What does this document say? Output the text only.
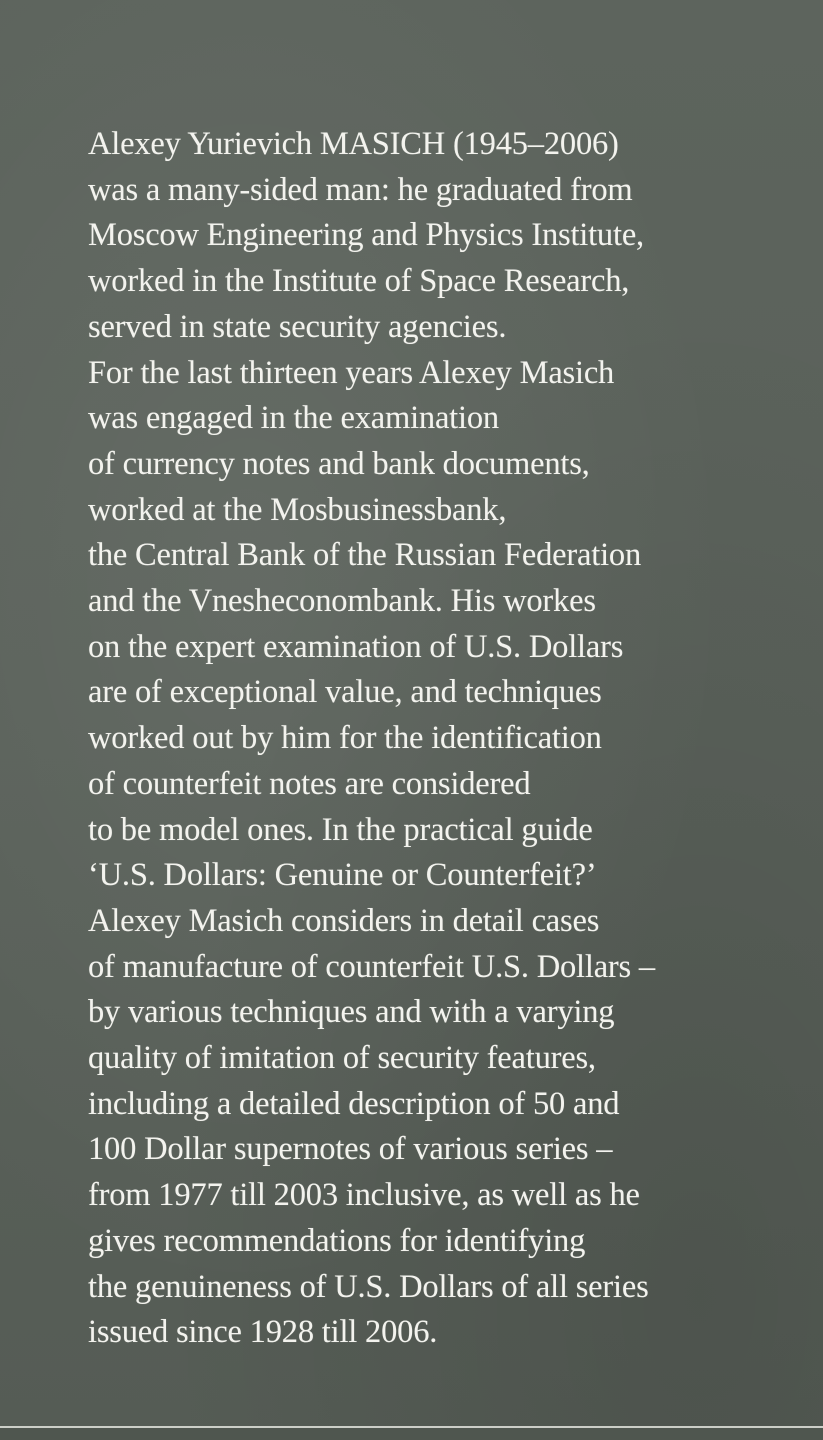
Alexey Yurievich MASICH (1945–2006)
was a many-sided man: he graduated from
Moscow Engineering and Physics Institute,
worked in the Institute of Space Research,
served in state security agencies.
For the last thirteen years Alexey Masich
was engaged in the examination
of currency notes and bank documents,
worked at the Mosbusinessbank,
the Central Bank of the Russian Federation
and the Vnesheconombank. His workes
on the expert examination of U.S. Dollars
are of exceptional value, and techniques
worked out by him for the identification
of counterfeit notes are considered
to be model ones. In the practical guide
‘U.S. Dollars: Genuine or Counterfeit?’
Alexey Masich considers in detail cases
of manufacture of counterfeit U.S. Dollars –
by various techniques and with a varying
quality of imitation of security features,
including a detailed description of 50 and
100 Dollar supernotes of various series –
from 1977 till 2003 inclusive, as well as he
gives recommendations for identifying
the genuineness of U.S. Dollars of all series
issued since 1928 till 2006.
